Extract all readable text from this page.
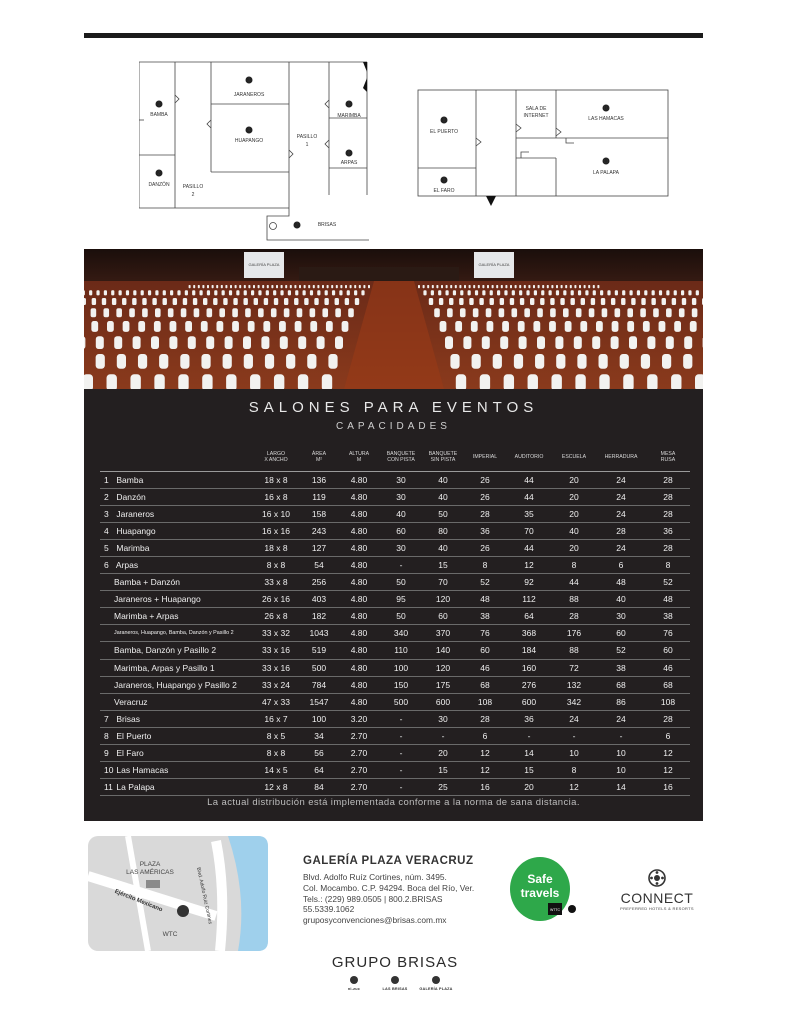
1
2
3
4
5
6
7
BAMBA
DANZÓN
JARANEROS
HUAPANGO
MARIMBA
ARPAS
BRISAS
PASILLO
1
PASILLO
2
8
9
10
11
EL PUERTO
EL FARO
LAS HAMACAS
LA PALAPA
SALA DE
INTERNET
GALERÍA PLAZA	GALERÍA PLAZA
SALONES PARA EVENTOS
CAPACIDADES
	LARGO
X ANCHO	ÁREA
M²	ALTURA
M	BANQUETE
CON PISTA	BANQUETE
SIN PISTA	IMPERIAL	AUDITORIO	ESCUELA	HERRADURA	MESA
RUSA
1 Bamba	18 x 8	136	4.80	30	40	26	44	20	24	28
2 Danzón	16 x 8	119	4.80	30	40	26	44	20	24	28
3 Jaraneros	16 x 10	158	4.80	40	50	28	35	20	24	28
4 Huapango	16 x 16	243	4.80	60	80	36	70	40	28	36
5 Marimba	18 x 8	127	4.80	30	40	26	44	20	24	28
6 Arpas	8 x 8	54	4.80	-	15	8	12	8	6	8
Bamba + Danzón	33 x 8	256	4.80	50	70	52	92	44	48	52
Jaraneros + Huapango	26 x 16	403	4.80	95	120	48	112	88	40	48
Marimba + Arpas	26 x 8	182	4.80	50	60	38	64	28	30	38
Jaraneros, Huapango, Bamba, Danzón y Pasillo 2	33 x 32	1043	4.80	340	370	76	368	176	60	76
Bamba, Danzón y Pasillo 2	33 x 16	519	4.80	110	140	60	184	88	52	60
Marimba, Arpas y Pasillo 1	33 x 16	500	4.80	100	120	46	160	72	38	46
Jaraneros, Huapango y Pasillo 2	33 x 24	784	4.80	150	175	68	276	132	68	68
Veracruz	47 x 33	1547	4.80	500	600	108	600	342	86	108
7 Brisas	16 x 7	100	3.20	-	30	28	36	24	24	28
8 El Puerto	8 x 5	34	2.70	-	-	6	-	-	-	6
9 El Faro	8 x 8	56	2.70	-	20	12	14	10	10	12
10 Las Hamacas	14 x 5	64	2.70	-	15	12	15	8	10	12
11 La Palapa	12 x 8	84	2.70	-	25	16	20	12	14	16
La actual distribución está implementada conforme a la norma de sana distancia.
PLAZA
LAS AMÉRICAS
Ejército Mexicano	Blvd. Adolfo Ruiz Cortines
WTC
GALERÍA PLAZA VERACRUZ
Blvd. Adolfo Ruíz Cortines, núm. 3495.
Col. Mocambo. C.P. 94294. Boca del Río, Ver.
Tels.: (229) 989.0505 | 800.2.BRISAS
55.5339.1062
gruposyconvenciones@brisas.com.mx
Safe
travels
WTTC
CONNECT
PREFERRED HOTELS & RESORTS
GRUPO BRISAS
ni-zuc	LAS BRISAS	GALERÍA PLAZA
